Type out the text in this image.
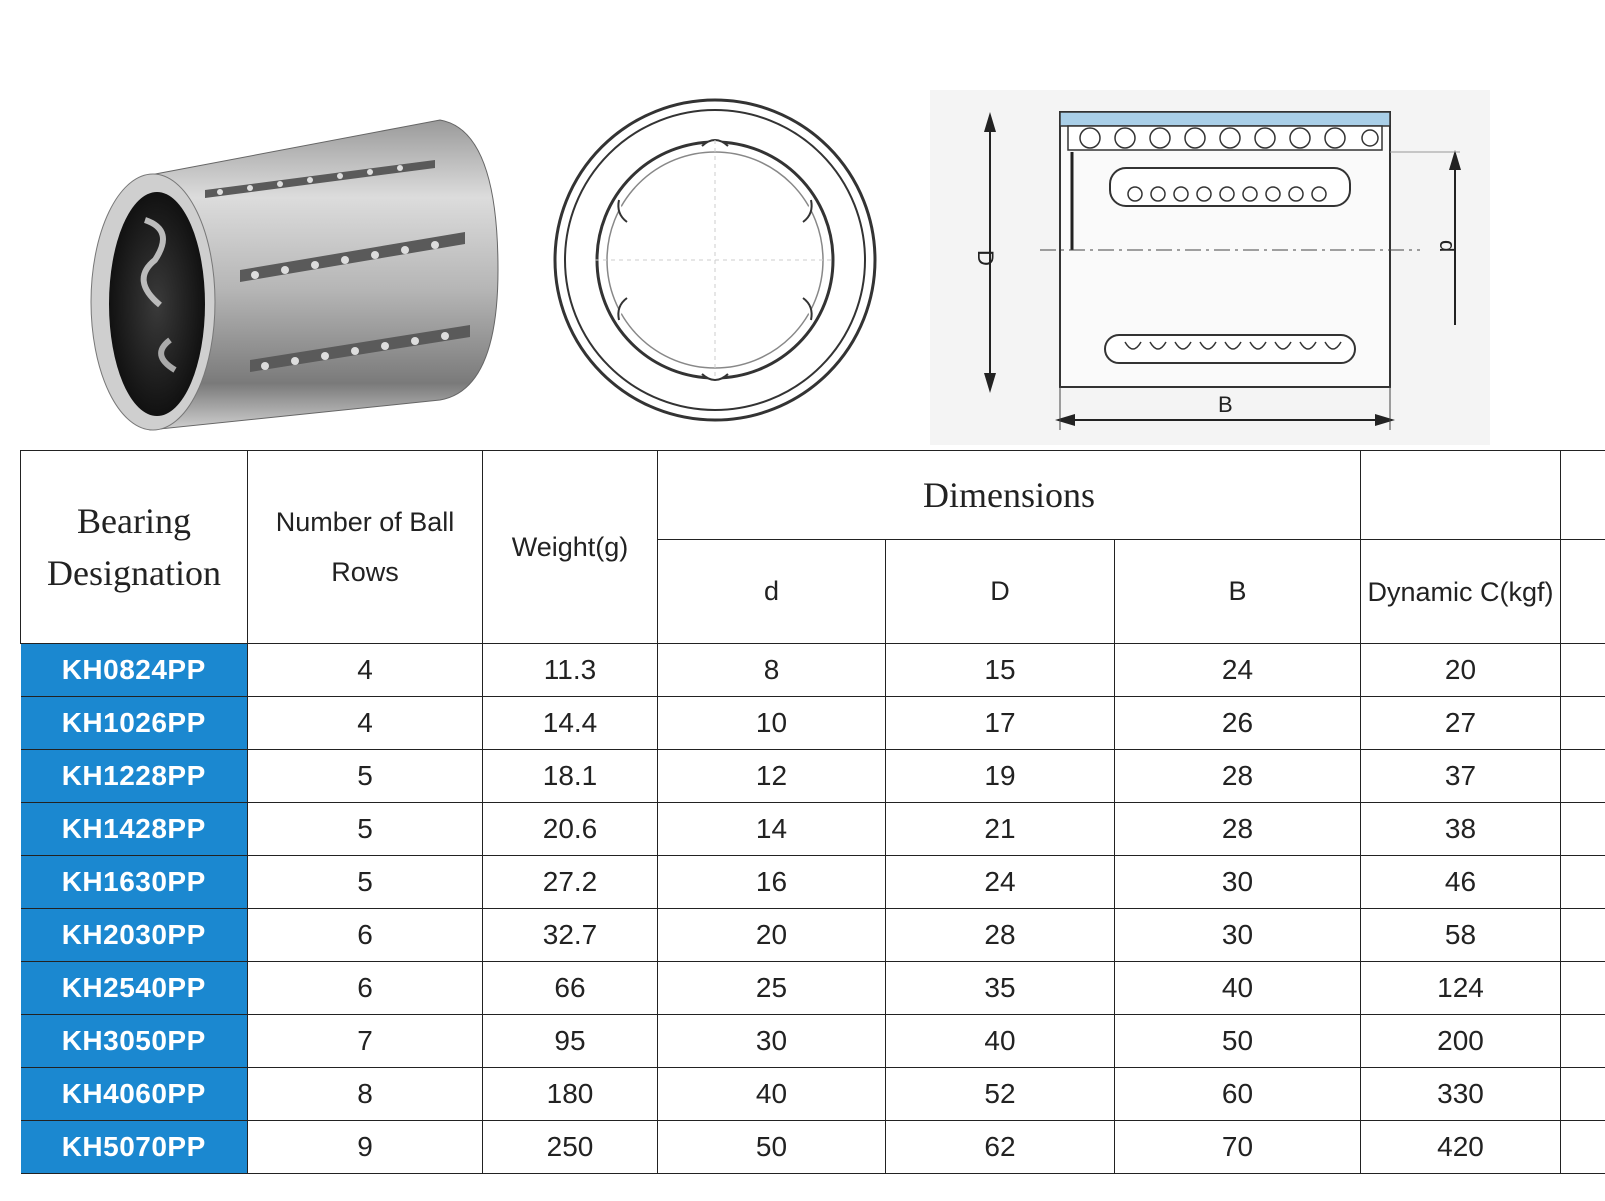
D
d
B
Bearing Designation	Number of Ball Rows	Weight(g)	Dimensions				
			d	D	B	Dynamic C(kgf)	
KH0824PP	4	11.3	8	15	24	20	
KH1026PP	4	14.4	10	17	26	27	
KH1228PP	5	18.1	12	19	28	37	
KH1428PP	5	20.6	14	21	28	38	
KH1630PP	5	27.2	16	24	30	46	
KH2030PP	6	32.7	20	28	30	58	
KH2540PP	6	66	25	35	40	124	
KH3050PP	7	95	30	40	50	200	
KH4060PP	8	180	40	52	60	330	
KH5070PP	9	250	50	62	70	420	
